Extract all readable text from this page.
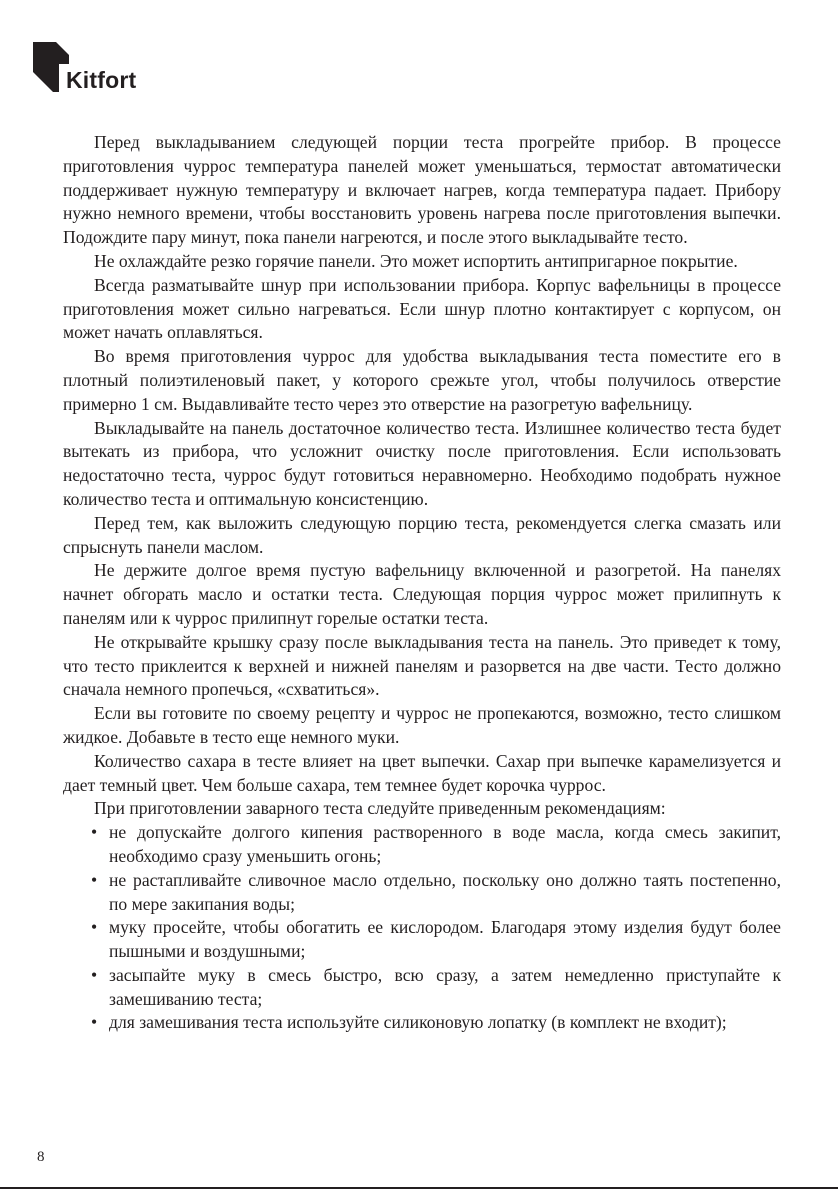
Kitfort

Перед выкладыванием следующей порции теста прогрейте прибор. В процессе приготовления чуррос температура панелей может уменьшаться, термостат автоматически поддерживает нужную температуру и включает нагрев, когда температура падает. Прибору нужно немного времени, чтобы восстановить уровень нагрева после приготовления выпечки. Подождите пару минут, пока панели нагреются, и после этого выкладывайте тесто.

Не охлаждайте резко горячие панели. Это может испортить антипригарное покрытие.

Всегда разматывайте шнур при использовании прибора. Корпус вафельницы в процессе приготовления может сильно нагреваться. Если шнур плотно контактирует с корпусом, он может начать оплавляться.

Во время приготовления чуррос для удобства выкладывания теста поместите его в плотный полиэтиленовый пакет, у которого срежьте угол, чтобы получилось отверстие примерно 1 см. Выдавливайте тесто через это отверстие на разогретую вафельницу.

Выкладывайте на панель достаточное количество теста. Излишнее количество теста будет вытекать из прибора, что усложнит очистку после приготовления. Если использовать недостаточно теста, чуррос будут готовиться неравномерно. Необходимо подобрать нужное количество теста и оптимальную консистенцию.

Перед тем, как выложить следующую порцию теста, рекомендуется слегка смазать или спрыснуть панели маслом.

Не держите долгое время пустую вафельницу включенной и разогретой. На панелях начнет обгорать масло и остатки теста. Следующая порция чуррос может прилипнуть к панелям или к чуррос прилипнут горелые остатки теста.

Не открывайте крышку сразу после выкладывания теста на панель. Это приведет к тому, что тесто приклеится к верхней и нижней панелям и разорвется на две части. Тесто должно сначала немного пропечься, «схватиться».

Если вы готовите по своему рецепту и чуррос не пропекаются, возможно, тесто слишком жидкое. Добавьте в тесто еще немного муки.

Количество сахара в тесте влияет на цвет выпечки. Сахар при выпечке карамелизуется и дает темный цвет. Чем больше сахара, тем темнее будет корочка чуррос.

При приготовлении заварного теста следуйте приведенным рекомендациям:

• не допускайте долгого кипения растворенного в воде масла, когда смесь закипит, необходимо сразу уменьшить огонь;
• не растапливайте сливочное масло отдельно, поскольку оно должно таять постепенно, по мере закипания воды;
• муку просейте, чтобы обогатить ее кислородом. Благодаря этому изделия будут более пышными и воздушными;
• засыпайте муку в смесь быстро, всю сразу, а затем немедленно приступайте к замешиванию теста;
• для замешивания теста используйте силиконовую лопатку (в комплект не входит);
8
